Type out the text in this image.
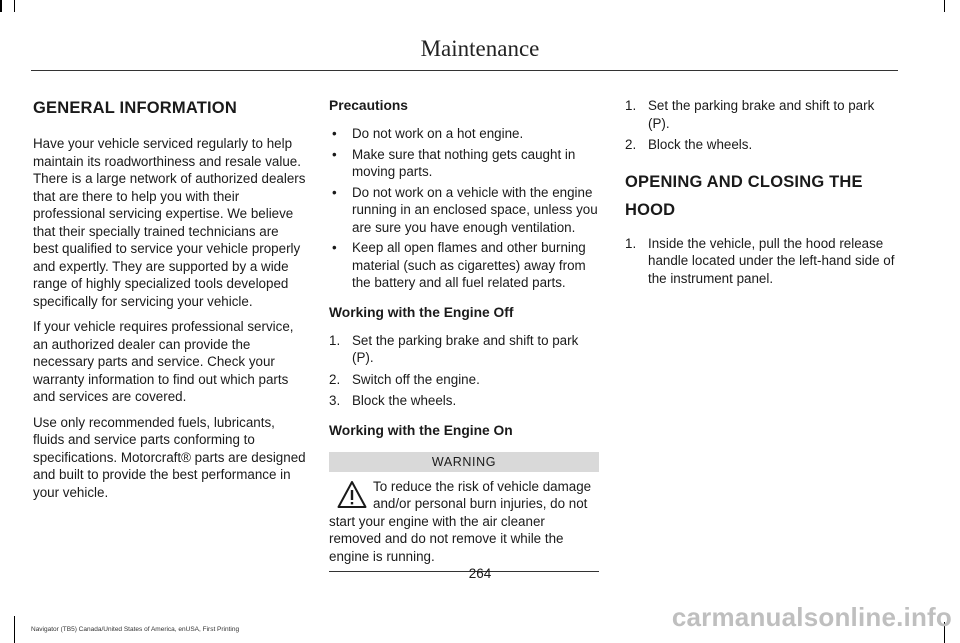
Maintenance
GENERAL INFORMATION

Have your vehicle serviced regularly to help maintain its roadworthiness and resale value. There is a large network of authorized dealers that are there to help you with their professional servicing expertise. We believe that their specially trained technicians are best qualified to service your vehicle properly and expertly. They are supported by a wide range of highly specialized tools developed specifically for servicing your vehicle.

If your vehicle requires professional service, an authorized dealer can provide the necessary parts and service. Check your warranty information to find out which parts and services are covered.

Use only recommended fuels, lubricants, fluids and service parts conforming to specifications. Motorcraft® parts are designed and built to provide the best performance in your vehicle.

Precautions
• Do not work on a hot engine.
• Make sure that nothing gets caught in moving parts.
• Do not work on a vehicle with the engine running in an enclosed space, unless you are sure you have enough ventilation.
• Keep all open flames and other burning material (such as cigarettes) away from the battery and all fuel related parts.
Working with the Engine Off
1. Set the parking brake and shift to park (P).
2. Switch off the engine.
3. Block the wheels.
Working with the Engine On
WARNING

To reduce the risk of vehicle damage and/or personal burn injuries, do not start your engine with the air cleaner removed and do not remove it while the engine is running.

1. Set the parking brake and shift to park (P).
2. Block the wheels.
OPENING AND CLOSING THE
HOOD
1. Inside the vehicle, pull the hood release handle located under the left-hand side of the instrument panel.
264
Navigator (TB5) Canada/United States of America, enUSA, First Printing	carmanualsonline.info
